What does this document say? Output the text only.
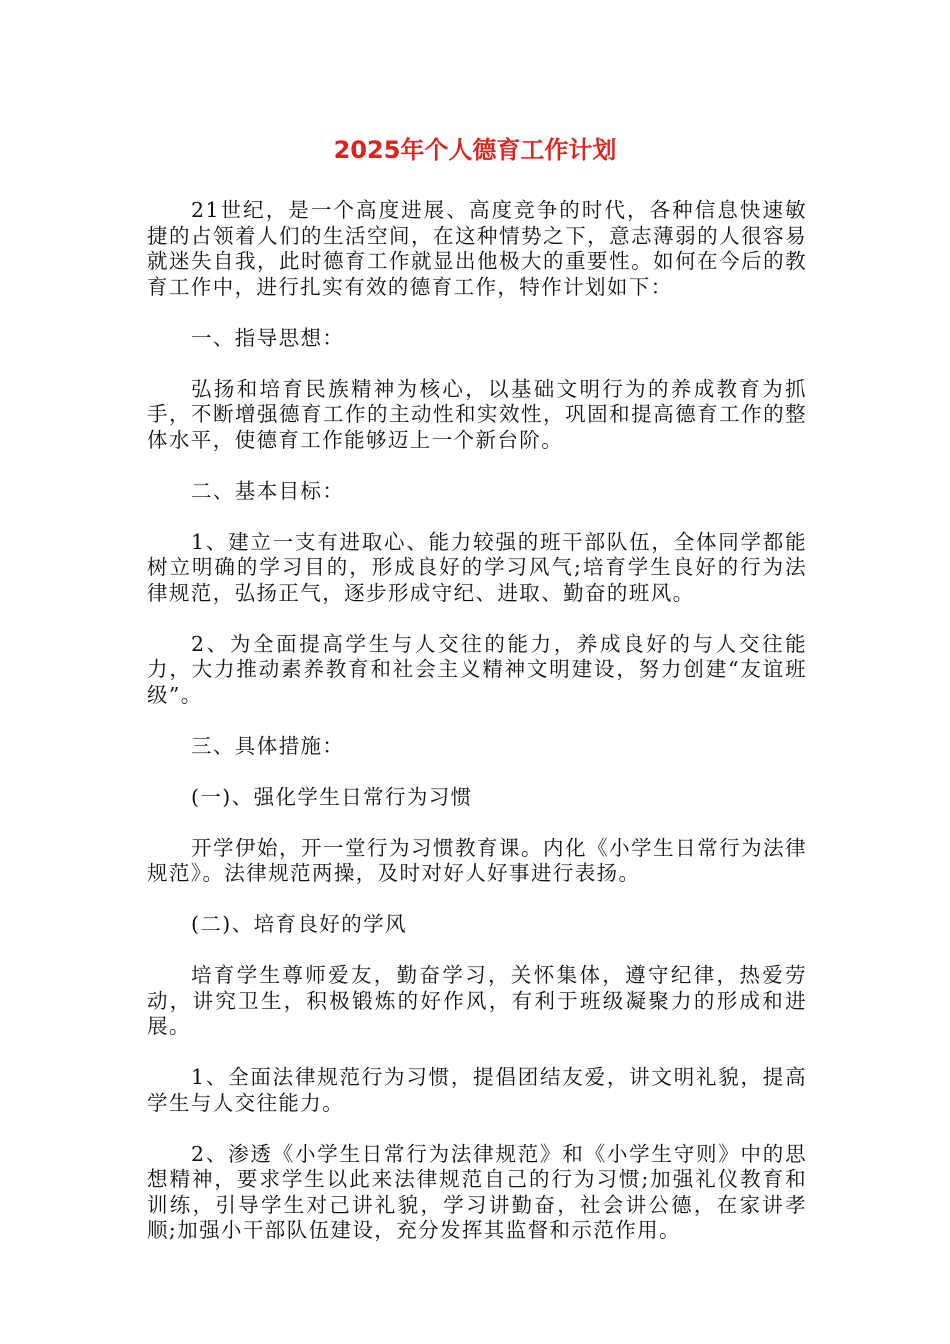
2025年个人德育工作计划

21世纪，是一个高度进展、高度竞争的时代，各种信息快速敏捷的占领着人们的生活空间，在这种情势之下，意志薄弱的人很容易就迷失自我，此时德育工作就显出他极大的重要性。如何在今后的教育工作中，进行扎实有效的德育工作，特作计划如下：

一、指导思想：

弘扬和培育民族精神为核心，以基础文明行为的养成教育为抓手，不断增强德育工作的主动性和实效性，巩固和提高德育工作的整体水平，使德育工作能够迈上一个新台阶。

二、基本目标：

1、建立一支有进取心、能力较强的班干部队伍，全体同学都能树立明确的学习目的，形成良好的学习风气;培育学生良好的行为法律规范，弘扬正气，逐步形成守纪、进取、勤奋的班风。

2、为全面提高学生与人交往的能力，养成良好的与人交往能力，大力推动素养教育和社会主义精神文明建设，努力创建“友谊班级”。

三、具体措施：

(一)、强化学生日常行为习惯

开学伊始，开一堂行为习惯教育课。内化《小学生日常行为法律规范》。法律规范两操，及时对好人好事进行表扬。

(二)、培育良好的学风

培育学生尊师爱友，勤奋学习，关怀集体，遵守纪律，热爱劳动，讲究卫生，积极锻炼的好作风，有利于班级凝聚力的形成和进展。

1、全面法律规范行为习惯，提倡团结友爱，讲文明礼貌，提高学生与人交往能力。

2、渗透《小学生日常行为法律规范》和《小学生守则》中的思想精神，要求学生以此来法律规范自己的行为习惯;加强礼仪教育和训练，引导学生对己讲礼貌，学习讲勤奋，社会讲公德，在家讲孝顺;加强小干部队伍建设，充分发挥其监督和示范作用。
